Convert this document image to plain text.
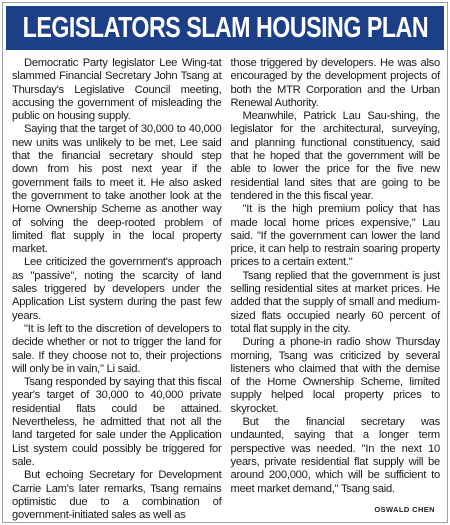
LEGISLATORS SLAM HOUSING PLAN

Democratic Party legislator Lee Wing-tat slammed Financial Secretary John Tsang at Thursday's Legislative Council meeting, accusing the government of misleading the public on housing supply.

Saying that the target of 30,000 to 40,000 new units was unlikely to be met, Lee said that the financial secretary should step down from his post next year if the government fails to meet it. He also asked the government to take another look at the Home Ownership Scheme as another way of solving the deep-rooted problem of limited flat supply in the local property market.

Lee criticized the government's approach as "passive", noting the scarcity of land sales triggered by developers under the Application List system during the past few years.

"It is left to the discretion of developers to decide whether or not to trigger the land for sale. If they choose not to, their projections will only be in vain," Li said.

Tsang responded by saying that this fiscal year's target of 30,000 to 40,000 private residential flats could be attained. Nevertheless, he admitted that not all the land targeted for sale under the Application List system could possibly be triggered for sale.

But echoing Secretary for Development Carrie Lam's later remarks, Tsang remains optimistic due to a combination of government-initiated sales as well as

those triggered by developers. He was also encouraged by the development projects of both the MTR Corporation and the Urban Renewal Authority.

Meanwhile, Patrick Lau Sau-shing, the legislator for the architectural, surveying, and planning functional constituency, said that he hoped that the government will be able to lower the price for the five new residential land sites that are going to be tendered in the this fiscal year.

"It is the high premium policy that has made local home prices expensive," Lau said. "If the government can lower the land price, it can help to restrain soaring property prices to a certain extent."

Tsang replied that the government is just selling residential sites at market prices. He added that the supply of small and medium-sized flats occupied nearly 60 percent of total flat supply in the city.

During a phone-in radio show Thursday morning, Tsang was criticized by several listeners who claimed that with the demise of the Home Ownership Scheme, limited supply helped local property prices to skyrocket.

But the financial secretary was undaunted, saying that a longer term perspective was needed. "In the next 10 years, private residential flat supply will be around 200,000, which will be sufficient to meet market demand," Tsang said.

OSWALD CHEN
